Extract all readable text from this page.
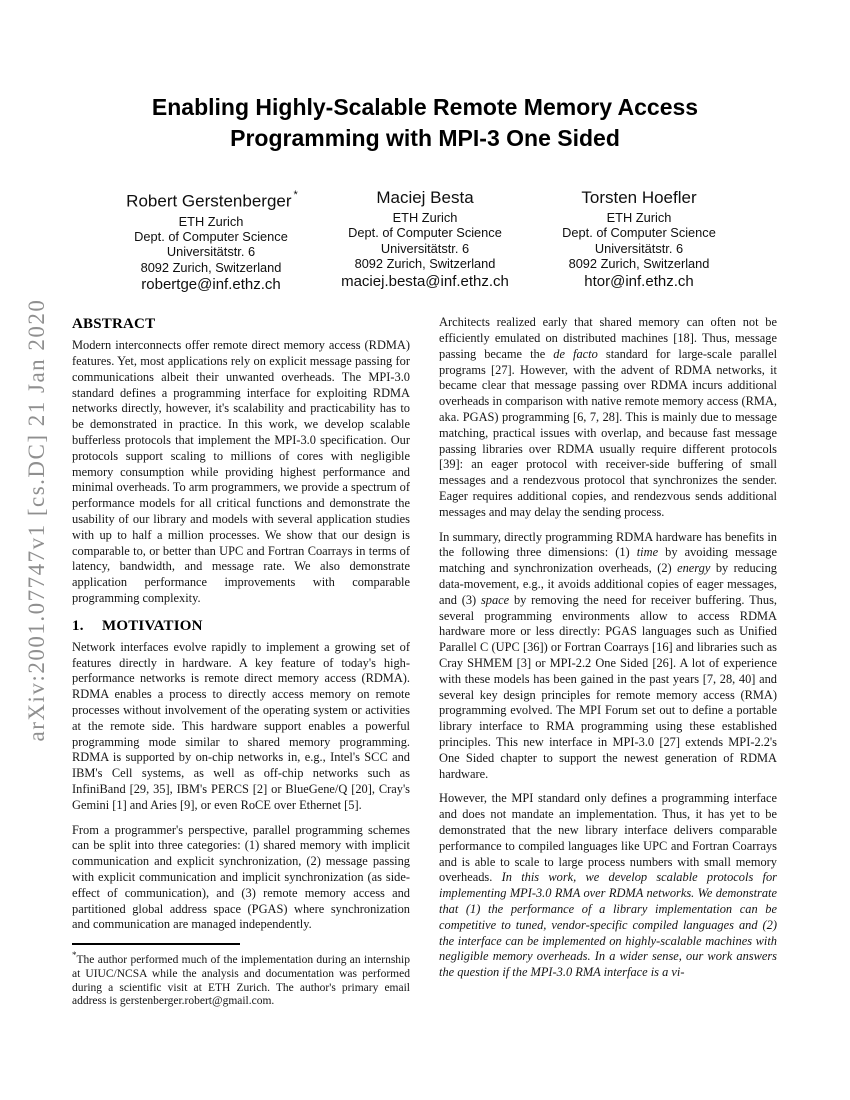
arXiv:2001.07747v1 [cs.DC] 21 Jan 2020
Enabling Highly-Scalable Remote Memory Access
Programming with MPI-3 One Sided
Robert Gerstenberger *
ETH Zurich
Dept. of Computer Science
Universitätstr. 6
8092 Zurich, Switzerland
robertge@inf.ethz.ch
Maciej Besta
ETH Zurich
Dept. of Computer Science
Universitätstr. 6
8092 Zurich, Switzerland
maciej.besta@inf.ethz.ch
Torsten Hoefler
ETH Zurich
Dept. of Computer Science
Universitätstr. 6
8092 Zurich, Switzerland
htor@inf.ethz.ch
ABSTRACT

Modern interconnects offer remote direct memory access (RDMA) features. Yet, most applications rely on explicit message passing for communications albeit their unwanted overheads. The MPI-3.0 standard defines a programming interface for exploiting RDMA networks directly, however, it's scalability and practicability has to be demonstrated in practice. In this work, we develop scalable bufferless protocols that implement the MPI-3.0 specification. Our protocols support scaling to millions of cores with negligible memory consumption while providing highest performance and minimal overheads. To arm programmers, we provide a spectrum of performance models for all critical functions and demonstrate the usability of our library and models with several application studies with up to half a million processes. We show that our design is comparable to, or better than UPC and Fortran Coarrays in terms of latency, bandwidth, and message rate. We also demonstrate application performance improvements with comparable programming complexity.

1. MOTIVATION

Network interfaces evolve rapidly to implement a growing set of features directly in hardware. A key feature of today's high-performance networks is remote direct memory access (RDMA). RDMA enables a process to directly access memory on remote processes without involvement of the operating system or activities at the remote side. This hardware support enables a powerful programming mode similar to shared memory programming. RDMA is supported by on-chip networks in, e.g., Intel's SCC and IBM's Cell systems, as well as off-chip networks such as InfiniBand [29, 35], IBM's PERCS [2] or BlueGene/Q [20], Cray's Gemini [1] and Aries [9], or even RoCE over Ethernet [5].

From a programmer's perspective, parallel programming schemes can be split into three categories: (1) shared memory with implicit communication and explicit synchronization, (2) message passing with explicit communication and implicit synchronization (as side-effect of communication), and (3) remote memory access and partitioned global address space (PGAS) where synchronization and communication are managed independently.

*The author performed much of the implementation during an internship at UIUC/NCSA while the analysis and documentation was performed during a scientific visit at ETH Zurich. The author's primary email address is gerstenberger.robert@gmail.com.

Architects realized early that shared memory can often not be efficiently emulated on distributed machines [18]. Thus, message passing became the de facto standard for large-scale parallel programs [27]. However, with the advent of RDMA networks, it became clear that message passing over RDMA incurs additional overheads in comparison with native remote memory access (RMA, aka. PGAS) programming [6, 7, 28]. This is mainly due to message matching, practical issues with overlap, and because fast message passing libraries over RDMA usually require different protocols [39]: an eager protocol with receiver-side buffering of small messages and a rendezvous protocol that synchronizes the sender. Eager requires additional copies, and rendezvous sends additional messages and may delay the sending process.

In summary, directly programming RDMA hardware has benefits in the following three dimensions: (1) time by avoiding message matching and synchronization overheads, (2) energy by reducing data-movement, e.g., it avoids additional copies of eager messages, and (3) space by removing the need for receiver buffering. Thus, several programming environments allow to access RDMA hardware more or less directly: PGAS languages such as Unified Parallel C (UPC [36]) or Fortran Coarrays [16] and libraries such as Cray SHMEM [3] or MPI-2.2 One Sided [26]. A lot of experience with these models has been gained in the past years [7, 28, 40] and several key design principles for remote memory access (RMA) programming evolved. The MPI Forum set out to define a portable library interface to RMA programming using these established principles. This new interface in MPI-3.0 [27] extends MPI-2.2's One Sided chapter to support the newest generation of RDMA hardware.

However, the MPI standard only defines a programming interface and does not mandate an implementation. Thus, it has yet to be demonstrated that the new library interface delivers comparable performance to compiled languages like UPC and Fortran Coarrays and is able to scale to large process numbers with small memory overheads. In this work, we develop scalable protocols for implementing MPI-3.0 RMA over RDMA networks. We demonstrate that (1) the performance of a library implementation can be competitive to tuned, vendor-specific compiled languages and (2) the interface can be implemented on highly-scalable machines with negligible memory overheads. In a wider sense, our work answers the question if the MPI-3.0 RMA interface is a vi-
